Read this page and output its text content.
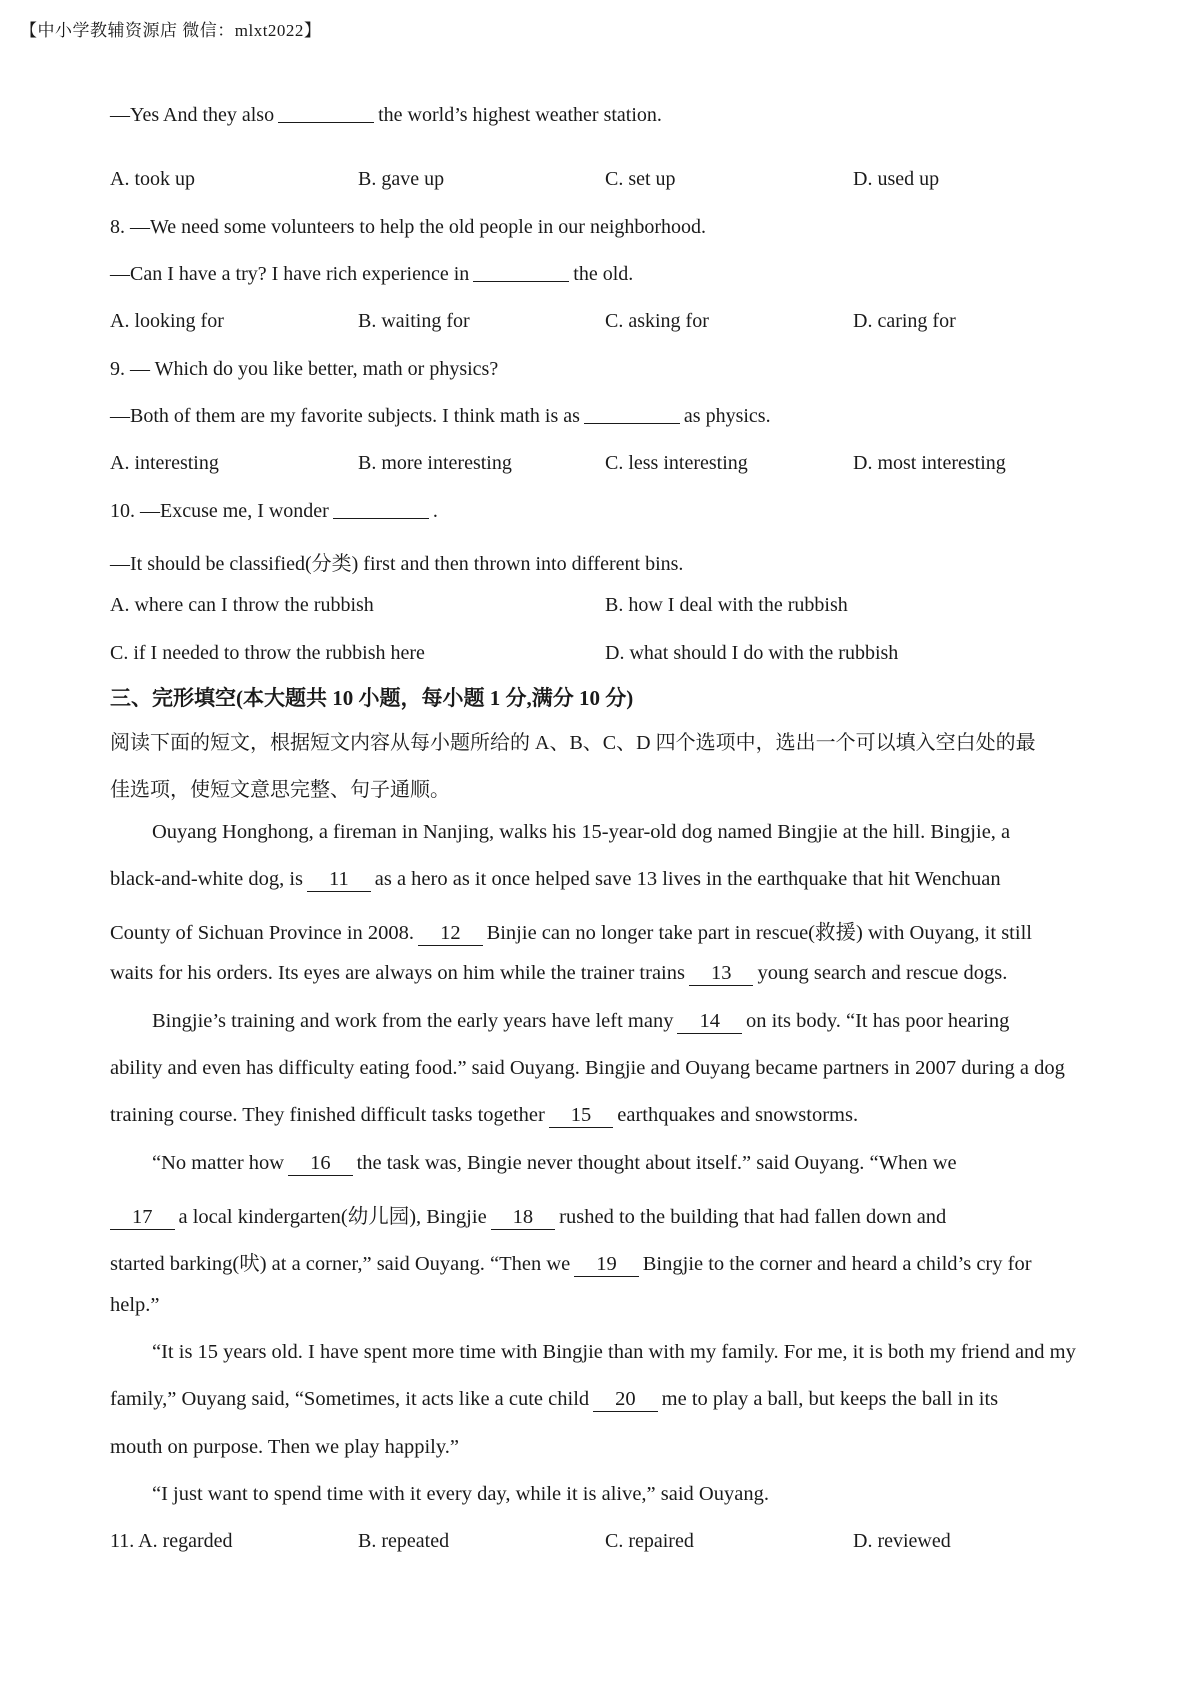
【中小学教辅资源店 微信：mlxt2022】
—Yes And they also	the world’s highest weather station.
A. took up	B. gave up	C. set up	D. used up
8. —We need some volunteers to help the old people in our neighborhood.
—Can I have a try? I have rich experience in	the old.
A. looking for	B. waiting for	C. asking for	D. caring for
9. — Which do you like better, math or physics?
—Both of them are my favorite subjects. I think math is as	as physics.
A. interesting	B. more interesting	C. less interesting	D. most interesting
10. —Excuse me, I wonder	.
—It should be classified(分类) first and then thrown into different bins.
A. where can I throw the rubbish	B. how I deal with the rubbish
C. if I needed to throw the rubbish here	D. what should I do with the rubbish
三、完形填空(本大题共 10 小题，每小题 1 分,满分 10 分)
阅读下面的短文，根据短文内容从每小题所给的 A、B、C、D 四个选项中，选出一个可以填入空白处的最
佳选项，使短文意思完整、句子通顺。
Ouyang Honghong, a fireman in Nanjing, walks his 15-year-old dog named Bingjie at the hill. Bingjie, a
black-and-white dog, is 11 as a hero as it once helped save 13 lives in the earthquake that hit Wenchuan
County of Sichuan Province in 2008. 12 Binjie can no longer take part in rescue(救援) with Ouyang, it still
waits for his orders. Its eyes are always on him while the trainer trains 13 young search and rescue dogs.
Bingjie’s training and work from the early years have left many 14 on its body. “It has poor hearing
ability and even has difficulty eating food.” said Ouyang. Bingjie and Ouyang became partners in 2007 during a dog
training course. They finished difficult tasks together 15 earthquakes and snowstorms.
“No matter how 16 the task was, Bingie never thought about itself.” said Ouyang. “When we
17 a local kindergarten(幼儿园), Bingjie 18 rushed to the building that had fallen down and
started barking(吠) at a corner,” said Ouyang. “Then we 19 Bingjie to the corner and heard a child’s cry for
help.”
“It is 15 years old. I have spent more time with Bingjie than with my family. For me, it is both my friend and my
family,” Ouyang said, “Sometimes, it acts like a cute child 20 me to play a ball, but keeps the ball in its
mouth on purpose. Then we play happily.”
“I just want to spend time with it every day, while it is alive,” said Ouyang.
11. A. regarded	B. repeated	C. repaired	D. reviewed
